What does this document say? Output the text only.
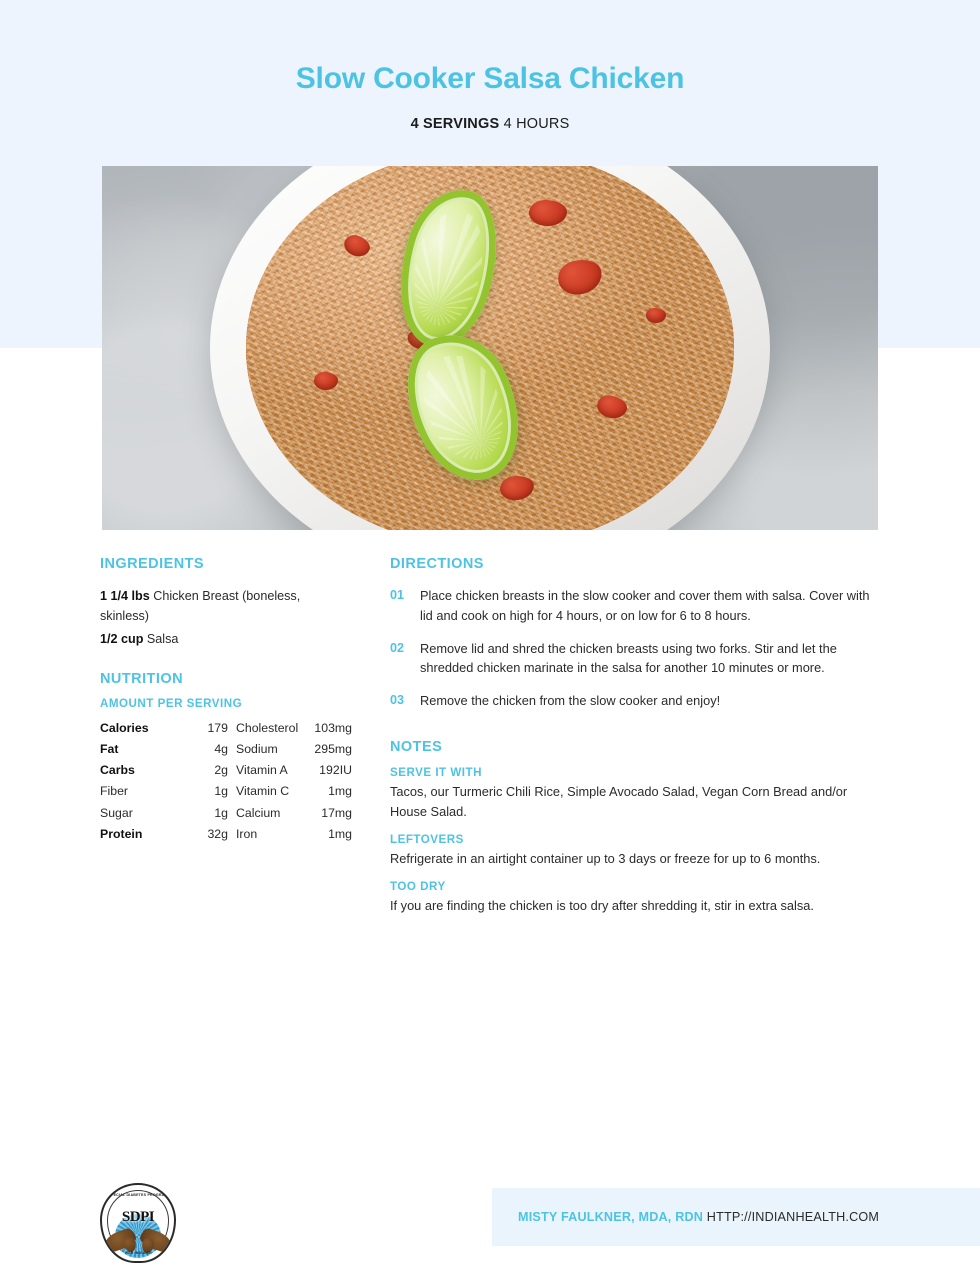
Slow Cooker Salsa Chicken
4 SERVINGS 4 HOURS
INGREDIENTS
1 1/4 lbs Chicken Breast (boneless, skinless)
1/2 cup Salsa
NUTRITION
AMOUNT PER SERVING
Calories	179	Cholesterol	103mg
Fat	4g	Sodium	295mg
Carbs	2g	Vitamin A	192IU
Fiber	1g	Vitamin C	1mg
Sugar	1g	Calcium	17mg
Protein	32g	Iron	1mg
DIRECTIONS
01	Place chicken breasts in the slow cooker and cover them with salsa. Cover with lid and cook on high for 4 hours, or on low for 6 to 8 hours.
02	Remove lid and shred the chicken breasts using two forks. Stir and let the shredded chicken marinate in the salsa for another 10 minutes or more.
03	Remove the chicken from the slow cooker and enjoy!
NOTES
SERVE IT WITH

Tacos, our Turmeric Chili Rice, Simple Avocado Salad, Vegan Corn Bread and/or House Salad.

LEFTOVERS

Refrigerate in an airtight container up to 3 days or freeze for up to 6 months.

TOO DRY

If you are finding the chicken is too dry after shredding it, stir in extra salsa.

SPECIAL DIABETES PROGRAM
SDPI
FOR INDIANS
MISTY FAULKNER, MDA, RDN HTTP://INDIANHEALTH.COM
